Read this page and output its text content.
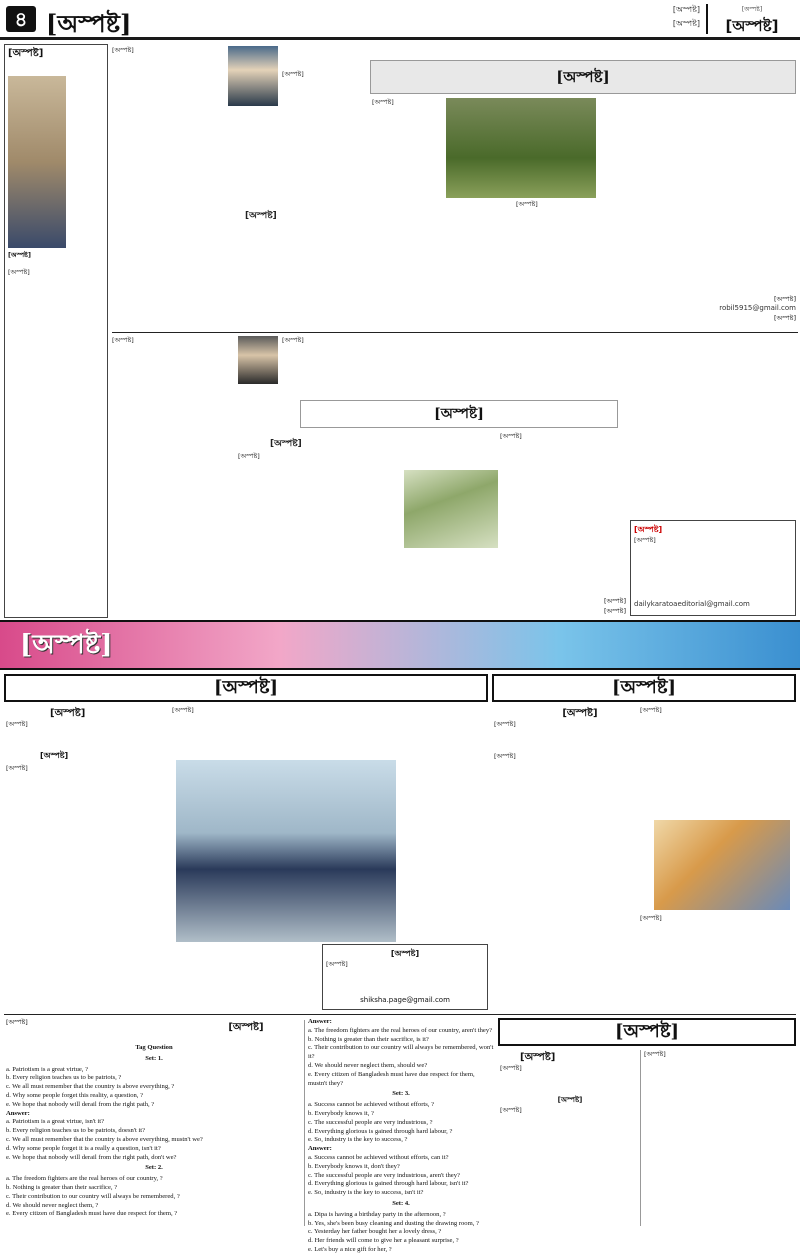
৪ [অস্পষ্ট]	[অস্পষ্ট]
[অস্পষ্ট]
[অস্পষ্ট]
[অস্পষ্ট]
[অস্পষ্ট]
[অস্পষ্ট]
[অস্পষ্ট]
[অস্পষ্ট]
[অস্পষ্ট]
[অস্পষ্ট]
[অস্পষ্ট]
[অস্পষ্ট]
[অস্পষ্ট]
[অস্পষ্ট]
robil5915@gmail.com
[অস্পষ্ট]
[অস্পষ্ট]	[অস্পষ্ট]
[অস্পষ্ট]
[অস্পষ্ট]
[অস্পষ্ট]
[অস্পষ্ট]
[অস্পষ্ট]
[অস্পষ্ট]
[অস্পষ্ট]
[অস্পষ্ট]
dailykaratoaeditorial@gmail.com
[অস্পষ্ট]
[অস্পষ্ট]
[অস্পষ্ট]
[অস্পষ্ট]
[অস্পষ্ট]
[অস্পষ্ট]
[অস্পষ্ট]
[অস্পষ্ট]
[অস্পষ্ট]
shiksha.page@gmail.com
[অস্পষ্ট]
[অস্পষ্ট]
[অস্পষ্ট]
[অস্পষ্ট]
[অস্পষ্ট]
[অস্পষ্ট]
[অস্পষ্ট]	[অস্পষ্ট]
Tag Question
Set: 1.
a. Patriotism is a great virtue, ?
b. Every religion teaches us to be patriots, ?
c. We all must remember that the country is above everything, ?
d. Why some people forget this reality, a question, ?
e. We hope that nobody will derail from the right path, ?
Answer:
a. Patriotism is a great virtue, isn't it?
b. Every religion teaches us to be patriots, doesn't it?
c. We all must remember that the country is above everything, mustn't we?
d. Why some people forget it is a really a question, isn't it?
e. We hope that nobody will derail from the right path, don't we?
Set: 2.
a. The freedom fighters are the real heroes of our country, ?
b. Nothing is greater than their sacrifice, ?
c. Their contribution to our country will always be remembered, ?
d. We should never neglect them, ?
e. Every citizen of Bangladesh must have due respect for them, ?
Answer:
a. The freedom fighters are the real heroes of our country, aren't they?
b. Nothing is greater than their sacrifice, is it?
c. Their contribution to our country will always be remembered, won't it?
d. We should never neglect them, should we?
e. Every citizen of Bangladesh must have due respect for them, mustn't they?
Set: 3.
a. Success cannot be achieved without efforts, ?
b. Everybody knows it, ?
c. The successful people are very industrious, ?
d. Everything glorious is gained through hard labour, ?
e. So, industry is the key to success, ?
Answer:
a. Success cannot be achieved without efforts, can it?
b. Everybody knows it, don't they?
c. The successful people are very industrious, aren't they?
d. Everything glorious is gained through hard labour, isn't it?
e. So, industry is the key to success, isn't it?
Set: 4.
a. Dipa is having a birthday party in the afternoon, ?
b. Yes, she's been busy cleaning and dusting the drawing room, ?
c. Yesterday her father bought her a lovely dress, ?
d. Her friends will come to give her a pleasant surprise, ?
e. Let's buy a nice gift for her, ?
[অস্পষ্ট]
[অস্পষ্ট]
[অস্পষ্ট]
[অস্পষ্ট]
[অস্পষ্ট]
[অস্পষ্ট]
